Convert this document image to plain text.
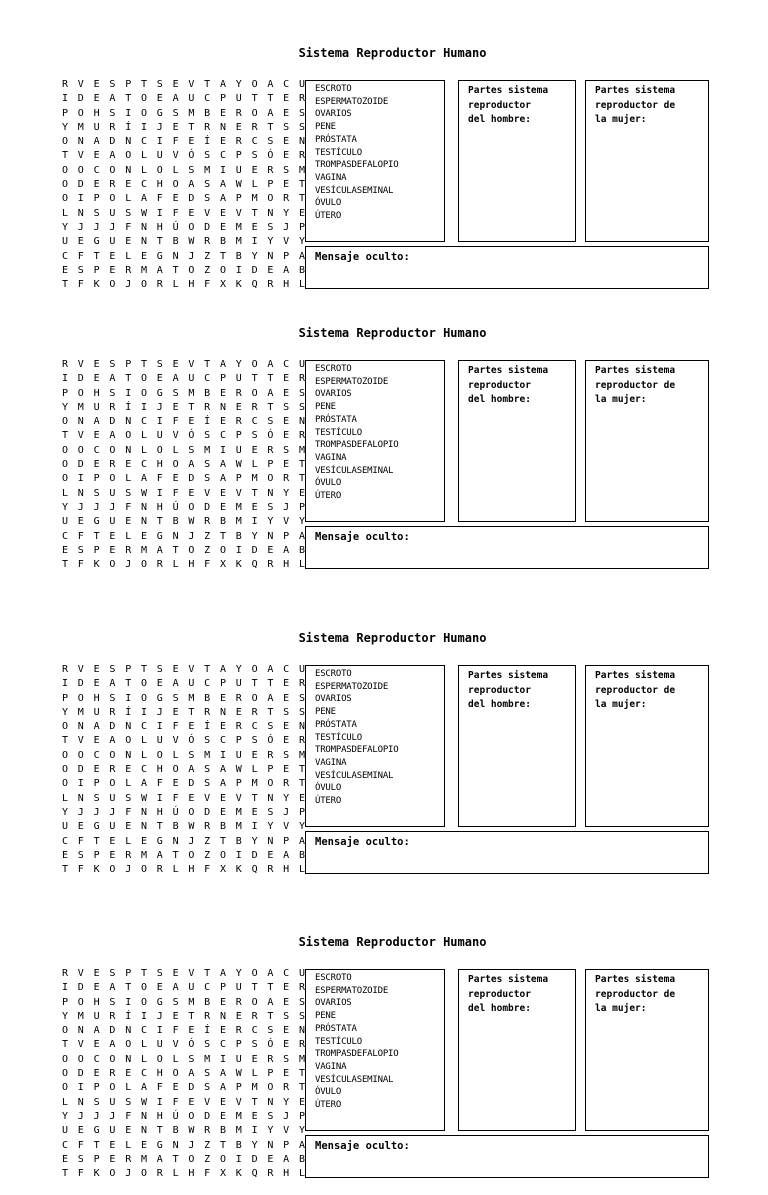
Sistema Reproductor Humano
R V E S P T S E V T A Y O A C U
I D E A T O E A U C P U T T E R
P O H S I O G S M B E R O A E S
Y M U R Í I J E T R N E R T S S
O N A D N C I F E Í E R C S E N
T V E A O L U V Ó S C P S Ó E R
O O C O N L O L S M I U E R S M
O D E R E C H O A S A W L P E T
O I P O L A F E D S A P M O R T
L N S U S W I F E V E V T N Y E
Y J J J F N H Ú O D E M E S J P
U E G U E N T B W R B M I Y V Y
C F T E L E G N J Z T B Y N P A
E S P E R M A T O Z O I D E A B
T F K O J O R L H F X K Q R H L
ESCROTO
ESPERMATOZOIDE
OVARIOS
PENE
PRÓSTATA
TESTÍCULO
TROMPASDEFALOPIO
VAGINA
VESÍCULASEMINAL
ÓVULO
ÚTERO
Partes sistema
reproductor
del hombre:
Partes sistema
reproductor de
la mujer:
Mensaje oculto:
Sistema Reproductor Humano
R V E S P T S E V T A Y O A C U
I D E A T O E A U C P U T T E R
P O H S I O G S M B E R O A E S
Y M U R Í I J E T R N E R T S S
O N A D N C I F E Í E R C S E N
T V E A O L U V Ó S C P S Ó E R
O O C O N L O L S M I U E R S M
O D E R E C H O A S A W L P E T
O I P O L A F E D S A P M O R T
L N S U S W I F E V E V T N Y E
Y J J J F N H Ú O D E M E S J P
U E G U E N T B W R B M I Y V Y
C F T E L E G N J Z T B Y N P A
E S P E R M A T O Z O I D E A B
T F K O J O R L H F X K Q R H L
ESCROTO
ESPERMATOZOIDE
OVARIOS
PENE
PRÓSTATA
TESTÍCULO
TROMPASDEFALOPIO
VAGINA
VESÍCULASEMINAL
ÓVULO
ÚTERO
Partes sistema
reproductor
del hombre:
Partes sistema
reproductor de
la mujer:
Mensaje oculto:
Sistema Reproductor Humano
R V E S P T S E V T A Y O A C U
I D E A T O E A U C P U T T E R
P O H S I O G S M B E R O A E S
Y M U R Í I J E T R N E R T S S
O N A D N C I F E Í E R C S E N
T V E A O L U V Ó S C P S Ó E R
O O C O N L O L S M I U E R S M
O D E R E C H O A S A W L P E T
O I P O L A F E D S A P M O R T
L N S U S W I F E V E V T N Y E
Y J J J F N H Ú O D E M E S J P
U E G U E N T B W R B M I Y V Y
C F T E L E G N J Z T B Y N P A
E S P E R M A T O Z O I D E A B
T F K O J O R L H F X K Q R H L
ESCROTO
ESPERMATOZOIDE
OVARIOS
PENE
PRÓSTATA
TESTÍCULO
TROMPASDEFALOPIO
VAGINA
VESÍCULASEMINAL
ÓVULO
ÚTERO
Partes sistema
reproductor
del hombre:
Partes sistema
reproductor de
la mujer:
Mensaje oculto:
Sistema Reproductor Humano
R V E S P T S E V T A Y O A C U
I D E A T O E A U C P U T T E R
P O H S I O G S M B E R O A E S
Y M U R Í I J E T R N E R T S S
O N A D N C I F E Í E R C S E N
T V E A O L U V Ó S C P S Ó E R
O O C O N L O L S M I U E R S M
O D E R E C H O A S A W L P E T
O I P O L A F E D S A P M O R T
L N S U S W I F E V E V T N Y E
Y J J J F N H Ú O D E M E S J P
U E G U E N T B W R B M I Y V Y
C F T E L E G N J Z T B Y N P A
E S P E R M A T O Z O I D E A B
T F K O J O R L H F X K Q R H L
ESCROTO
ESPERMATOZOIDE
OVARIOS
PENE
PRÓSTATA
TESTÍCULO
TROMPASDEFALOPIO
VAGINA
VESÍCULASEMINAL
ÓVULO
ÚTERO
Partes sistema
reproductor
del hombre:
Partes sistema
reproductor de
la mujer:
Mensaje oculto:
